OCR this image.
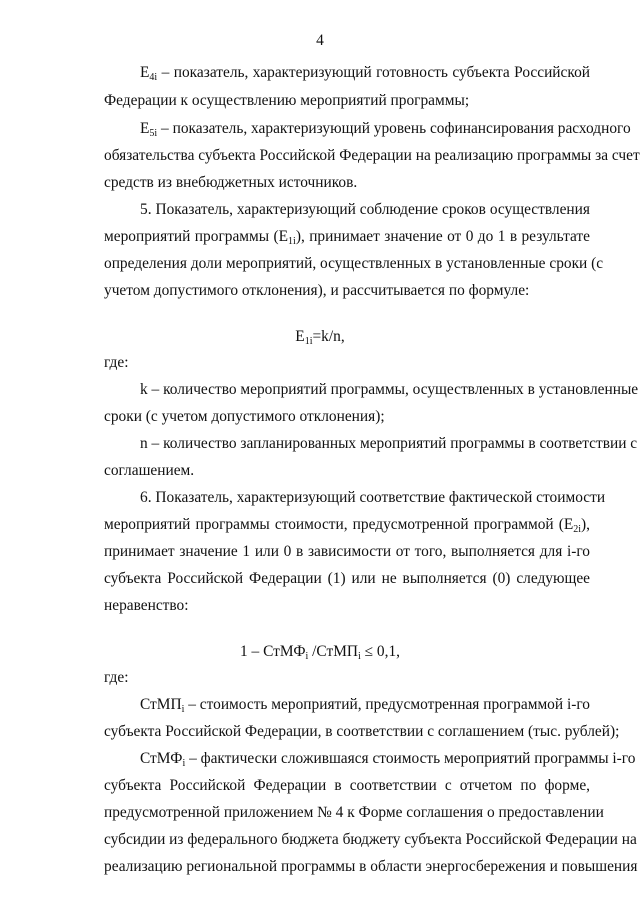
4
$E_{4i}$ – показатель, характеризующий готовность субъекта Российской
Федерации к осуществлению мероприятий программы;
$E_{5i}$ – показатель, характеризующий уровень софинансирования расходного
обязательства субъекта Российской Федерации на реализацию программы за счет
средств из внебюджетных источников.
5. Показатель, характеризующий соблюдение сроков осуществления
мероприятий программы $(E_{1i})$, принимает значение от 0 до 1 в результате
определения доли мероприятий, осуществленных в установленные сроки (с
учетом допустимого отклонения), и рассчитывается по формуле:
$E_{1i}=k/n$,
где:
k – количество мероприятий программы, осуществленных в установленные
сроки (с учетом допустимого отклонения);
n – количество запланированных мероприятий программы в соответствии с
соглашением.
6. Показатель, характеризующий соответствие фактической стоимости
мероприятий программы стоимости, предусмотренной программой $(E_{2i})$,
принимает значение 1 или 0 в зависимости от того, выполняется для i-го
субъекта Российской Федерации (1) или не выполняется (0) следующее
неравенство:
1 – СтМФ$_i$ /СтМП$_i$ ≤ 0,1,
где:
СтМП$_i$ – стоимость мероприятий, предусмотренная программой i-го
субъекта Российской Федерации, в соответствии с соглашением (тыс. рублей);
СтМФ$_i$ – фактически сложившаяся стоимость мероприятий программы i-го
субъекта Российской Федерации в соответствии с отчетом по форме,
предусмотренной приложением № 4 к Форме соглашения о предоставлении
субсидии из федерального бюджета бюджету субъекта Российской Федерации на
реализацию региональной программы в области энергосбережения и повышения
